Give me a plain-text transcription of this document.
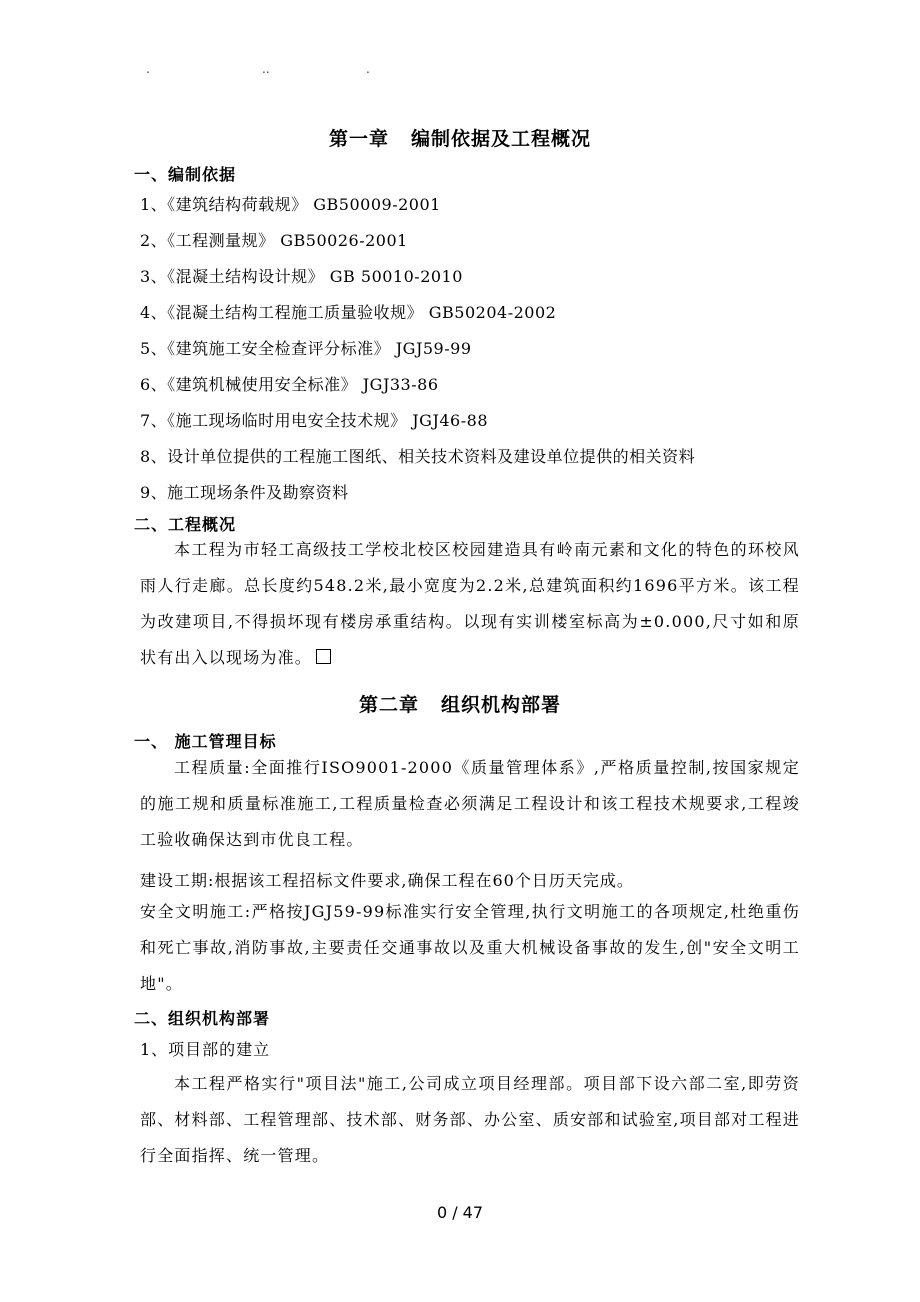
.	..	.
第一章 编制依据及工程概况
一、编制依据
1、《建筑结构荷载规》 GB50009-2001
2、《工程测量规》 GB50026-2001
3、《混凝土结构设计规》 GB 50010-2010
4、《混凝土结构工程施工质量验收规》 GB50204-2002
5、《建筑施工安全检查评分标准》 JGJ59-99
6、《建筑机械使用安全标准》 JGJ33-86
7、《施工现场临时用电安全技术规》 JGJ46-88
8、设计单位提供的工程施工图纸、相关技术资料及建设单位提供的相关资料
9、施工现场条件及勘察资料
二、工程概况
本工程为市轻工高级技工学校北校区校园建造具有岭南元素和文化的特色的环校风雨人行走廊。总长度约548.2米,最小宽度为2.2米,总建筑面积约1696平方米。该工程为改建项目,不得损坏现有楼房承重结构。以现有实训楼室标高为±0.000,尺寸如和原状有出入以现场为准。
第二章 组织机构部署
一、 施工管理目标
工程质量:全面推行ISO9001-2000《质量管理体系》,严格质量控制,按国家规定的施工规和质量标准施工,工程质量检查必须满足工程设计和该工程技术规要求,工程竣工验收确保达到市优良工程。
建设工期:根据该工程招标文件要求,确保工程在60个日历天完成。
安全文明施工:严格按JGJ59-99标准实行安全管理,执行文明施工的各项规定,杜绝重伤和死亡事故,消防事故,主要责任交通事故以及重大机械设备事故的发生,创"安全文明工地"。
二、组织机构部署
1、项目部的建立
本工程严格实行"项目法"施工,公司成立项目经理部。项目部下设六部二室,即劳资部、材料部、工程管理部、技术部、财务部、办公室、质安部和试验室,项目部对工程进行全面指挥、统一管理。
0 / 47
